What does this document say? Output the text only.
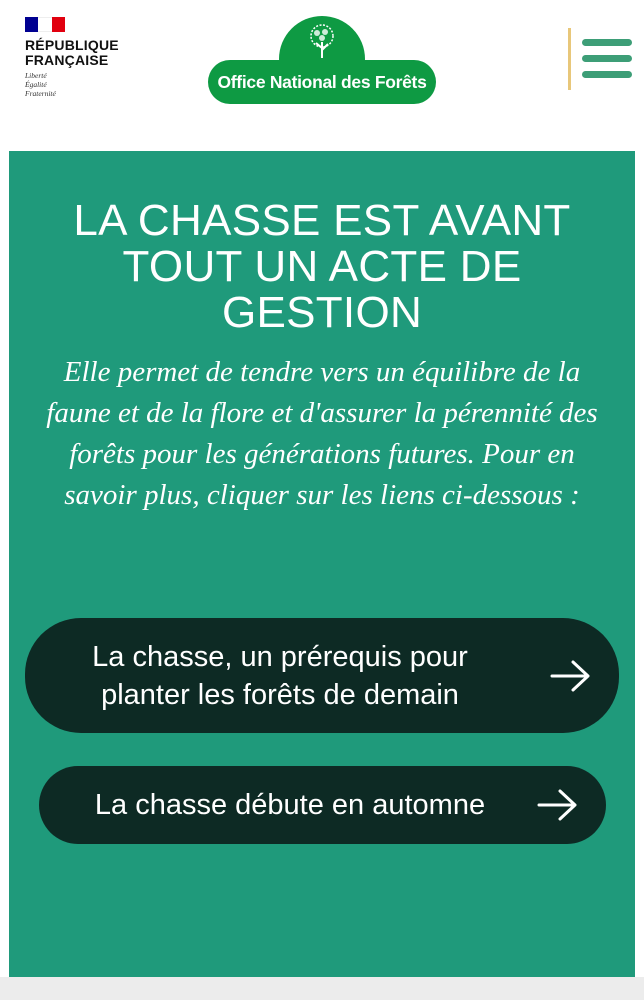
RÉPUBLIQUE
FRANÇAISE
Liberté
Égalité
Fraternité
Office National des Forêts
LA CHASSE EST AVANT TOUT UN ACTE DE GESTION

Elle permet de tendre vers un équilibre de la faune et de la flore et d'assurer la pérennité des forêts pour les générations futures. Pour en savoir plus, cliquer sur les liens ci-dessous :

La chasse, un prérequis pour planter les forêts de demain
La chasse débute en automne
